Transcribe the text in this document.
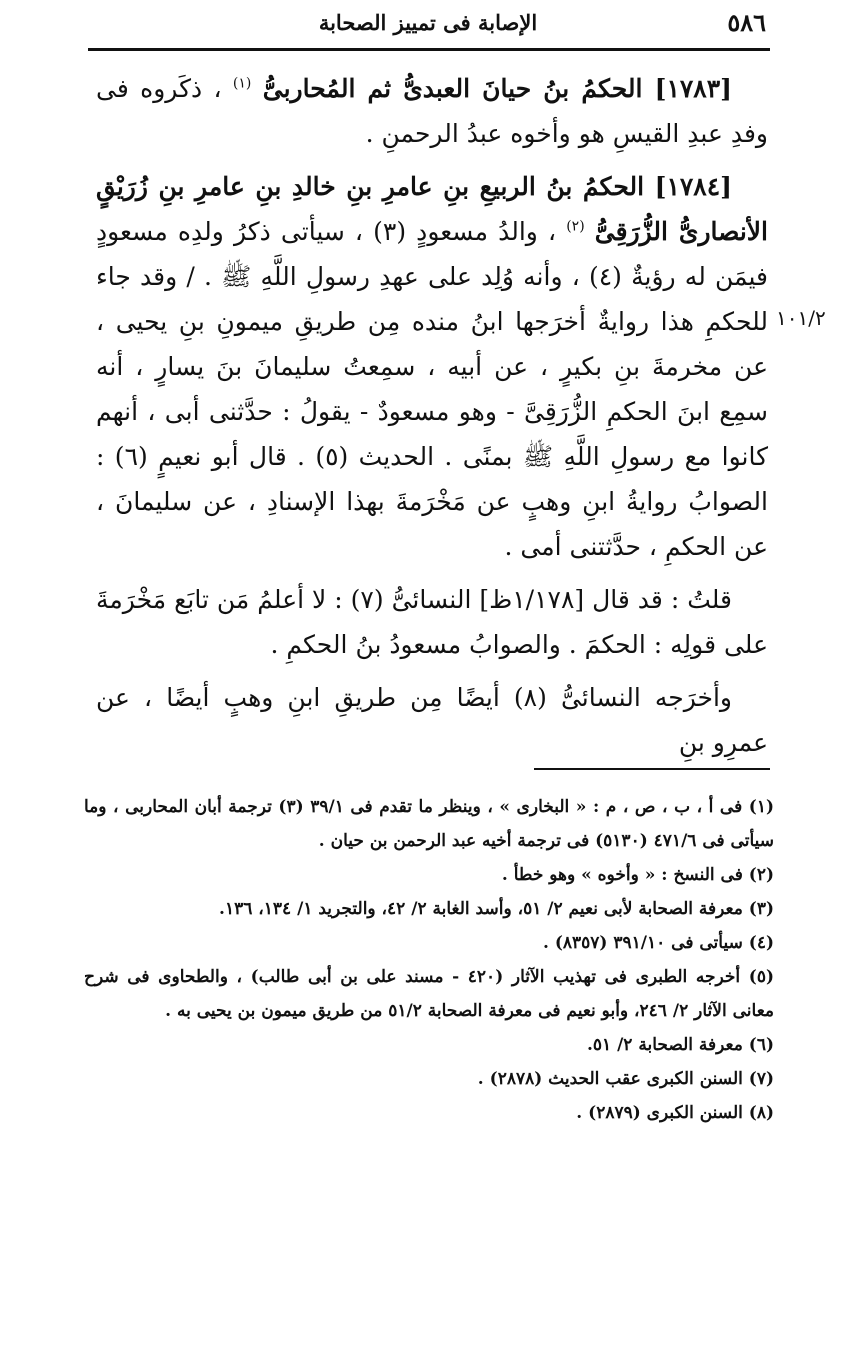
٥٨٦
الإصابة فى تمييز الصحابة
١٠١/٢

[١٧٨٣] الحكمُ بنُ حيانَ العبدىُّ ثم المُحاربىُّ $^{(١)}$ ، ذكَروه فى وفدِ عبدِ القيسِ هو وأخوه عبدُ الرحمنِ .

[١٧٨٤] الحكمُ بنُ الربيعِ بنِ عامرِ بنِ خالدِ بنِ عامرِ بنِ زُرَيْقٍ الأنصارىُّ الزُّرَقِىُّ $^{(٢)}$ ، والدُ مسعودٍ (٣) ، سيأتى ذكرُ ولدِه مسعودٍ فيمَن له رؤيةٌ (٤) ، وأنه وُلِد على عهدِ رسولِ اللَّهِ ﷺ . / وقد جاء للحكمِ هذا روايةٌ أخرَجها ابنُ منده مِن طريقِ ميمونِ بنِ يحيى ، عن مخرمةَ بنِ بكيرٍ ، عن أبيه ، سمِعتُ سليمانَ بنَ يسارٍ ، أنه سمِع ابنَ الحكمِ الزُّرَقِىَّ - وهو مسعودٌ - يقولُ : حدَّثنى أبى ، أنهم كانوا مع رسولِ اللَّهِ ﷺ بمنًى . الحديث (٥) . قال أبو نعيمٍ (٦) : الصوابُ روايةُ ابنِ وهبٍ عن مَخْرَمةَ بهذا الإسنادِ ، عن سليمانَ ، عن الحكمِ ، حدَّثتنى أمى .

قلتُ : قد قال [١/١٧٨ظ] النسائىُّ (٧) : لا أعلمُ مَن تابَع مَخْرَمةَ على قولِه : الحكمَ . والصوابُ مسعودُ بنُ الحكمِ .

وأخرَجه النسائىُّ (٨) أيضًا مِن طريقِ ابنِ وهبٍ أيضًا ، عن عمرِو بنِ

(١) فى أ ، ب ، ص ، م : « البخارى » ، وينظر ما تقدم فى ٣٩/١ (٣) ترجمة أبان المحاربى ، وما سيأتى فى ٤٧١/٦ (٥١٣٠) فى ترجمة أخيه عبد الرحمن بن حيان .

(٢) فى النسخ : « وأخوه » وهو خطأ .

(٣) معرفة الصحابة لأبى نعيم ٢/ ٥١، وأسد الغابة ٢/ ٤٢، والتجريد ١/ ١٣٤، ١٣٦.

(٤) سيأتى فى ٣٩١/١٠ (٨٣٥٧) .

(٥) أخرجه الطبرى فى تهذيب الآثار (٤٢٠ - مسند على بن أبى طالب) ، والطحاوى فى شرح معانى الآثار ٢/ ٢٤٦، وأبو نعيم فى معرفة الصحابة ٥١/٢ من طريق ميمون بن يحيى به .

(٦) معرفة الصحابة ٢/ ٥١.

(٧) السنن الكبرى عقب الحديث (٢٨٧٨) .

(٨) السنن الكبرى (٢٨٧٩) .
